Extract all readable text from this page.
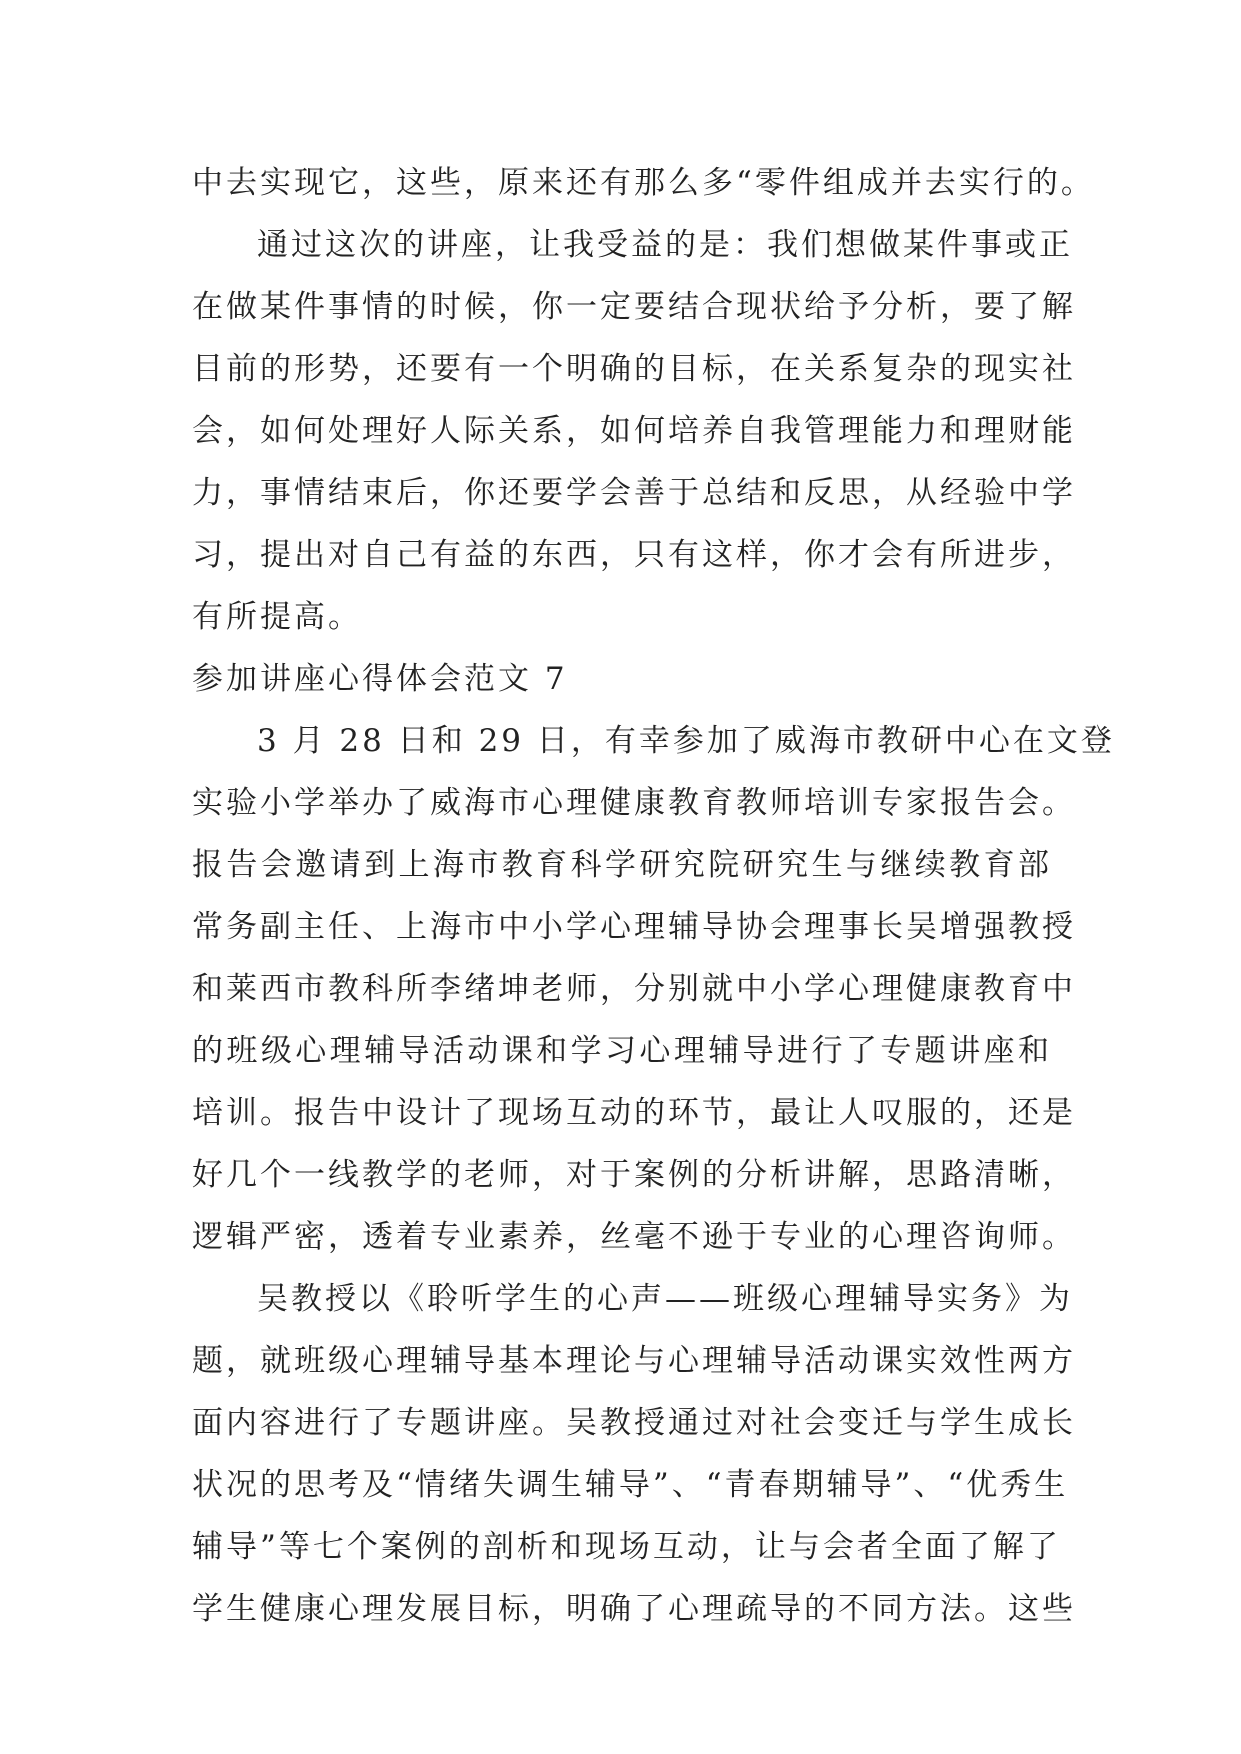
中去实现它，这些，原来还有那么多“零件组成并去实行的。
通过这次的讲座，让我受益的是：我们想做某件事或正
在做某件事情的时候，你一定要结合现状给予分析，要了解
目前的形势，还要有一个明确的目标，在关系复杂的现实社
会，如何处理好人际关系，如何培养自我管理能力和理财能
力，事情结束后，你还要学会善于总结和反思，从经验中学
习，提出对自己有益的东西，只有这样，你才会有所进步，
有所提高。
参加讲座心得体会范文 7
3 月 28 日和 29 日，有幸参加了威海市教研中心在文登
实验小学举办了威海市心理健康教育教师培训专家报告会。
报告会邀请到上海市教育科学研究院研究生与继续教育部
常务副主任、上海市中小学心理辅导协会理事长吴增强教授
和莱西市教科所李绪坤老师，分别就中小学心理健康教育中
的班级心理辅导活动课和学习心理辅导进行了专题讲座和
培训。报告中设计了现场互动的环节，最让人叹服的，还是
好几个一线教学的老师，对于案例的分析讲解，思路清晰，
逻辑严密，透着专业素养，丝毫不逊于专业的心理咨询师。
吴教授以《聆听学生的心声——班级心理辅导实务》为
题，就班级心理辅导基本理论与心理辅导活动课实效性两方
面内容进行了专题讲座。吴教授通过对社会变迁与学生成长
状况的思考及“情绪失调生辅导”、“青春期辅导”、“优秀生
辅导”等七个案例的剖析和现场互动，让与会者全面了解了
学生健康心理发展目标，明确了心理疏导的不同方法。这些
